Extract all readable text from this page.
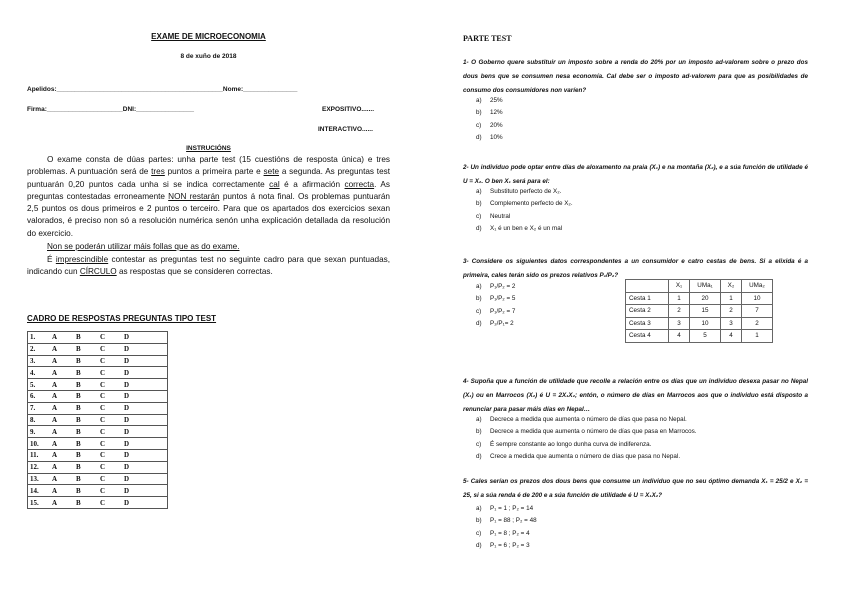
EXAME DE MICROECONOMIA
8 de xuño de 2018
Apelidos:______________________________________________Nome:_______________
Firma:_____________________DNI:________________	EXPOSITIVO.......
INTERACTIVO......
INSTRUCIÓNS
O exame consta de dúas partes: unha parte test (15 cuestións de resposta única) e tres problemas. A puntuación será de tres puntos a primeira parte e sete a segunda. As preguntas test puntuarán 0,20 puntos cada unha si se indica correctamente cal é a afirmación correcta. As preguntas contestadas erroneamente NON restarán puntos á nota final. Os problemas puntuarán 2,5 puntos os dous primeiros e 2 puntos o terceiro. Para que os apartados dos exercicios sexan valorados, é preciso non só a resolución numérica senón unha explicación detallada da resolución do exercicio.
Non se poderán utilizar máis follas que as do exame.
É imprescindible contestar as preguntas test no seguinte cadro para que sexan puntuadas, indicando cun CÍRCULO as respostas que se consideren correctas.
CADRO DE RESPOSTAS PREGUNTAS TIPO TEST
1.	A	B	C	D
2.	A	B	C	D
3.	A	B	C	D
4.	A	B	C	D
5.	A	B	C	D
6.	A	B	C	D
7.	A	B	C	D
8.	A	B	C	D
9.	A	B	C	D
10.	A	B	C	D
11.	A	B	C	D
12.	A	B	C	D
13.	A	B	C	D
14.	A	B	C	D
15.	A	B	C	D
PARTE TEST
1- O Goberno quere substituir un imposto sobre a renda do 20% por un imposto ad-valorem sobre o prezo dos dous bens que se consumen nesa economía. Cal debe ser o imposto ad-valorem para que as posibilidades de consumo dos consumidores non varíen?
a) 25%
b) 12%
c) 20%
d) 10%
2- Un individuo pode optar entre días de aloxamento na praia (X₁) e na montaña (X₂), e a súa función de utilidade é U = X₂. O ben X₁ será para el:
a) Substituto perfecto de X₂.
b) Complemento perfecto de X₂.
c) Neutral
d) X₁ é un ben e X₂ é un mal
3- Considere os siguientes datos correspondentes a un consumidor e catro cestas de bens. Si a elixida é a primeira, cales terán sido os prezos relativos P₁/P₂?
a) P₁/P₂ = 2
b) P₁/P₂ = 5
c) P₁/P₂ = 7
d) P₂/P₁= 2
	X₁	UMa₁	X₂	UMa₂
Cesta 1	1	20	1	10
Cesta 2	2	15	2	7
Cesta 3	3	10	3	2
Cesta 4	4	5	4	1
4- Supoña que a función de utilidade que recolle a relación entre os días que un individuo desexa pasar no Nepal (X₁) ou en Marrocos (X₂) é U = 2X₁X₂; entón, o número de días en Marrocos aos que o individuo está disposto a renunciar para pasar máis días en Nepal…
a) Decrece a medida que aumenta o número de días que pasa no Nepal.
b) Decrece a medida que aumenta o número de días que pasa en Marrocos.
c) É sempre constante ao longo dunha curva de indiferenza.
d) Crece a medida que aumenta o número de días que pasa no Nepal.
5- Cales serían os prezos dos dous bens que consume un individuo que no seu óptimo demanda X₁ = 25/2 e X₂ = 25, si a súa renda é de 200 e a súa función de utilidade é U = X₁X₂?
a) P₁ = 1 ; P₂ = 14
b) P₁ = 88 ; P₂ = 48
c) P₁ = 8 ; P₂ = 4
d) P₁ = 6 ; P₂ = 3
